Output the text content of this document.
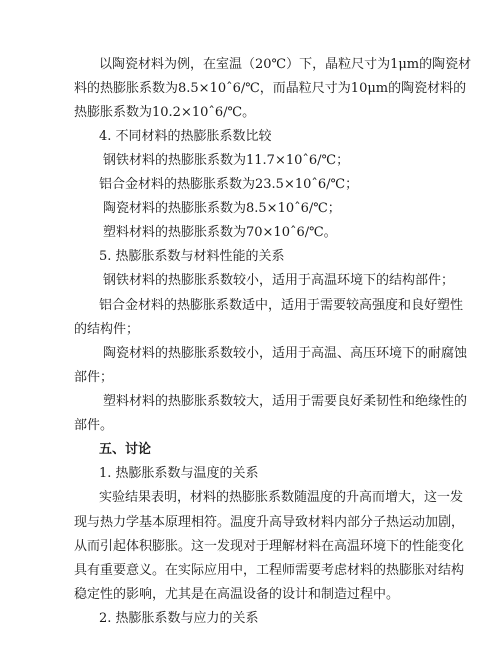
以陶瓷材料为例，在室温（20℃）下，晶粒尺寸为1μm的陶瓷材
料的热膨胀系数为8.5×10ˆ6/℃，而晶粒尺寸为10μm的陶瓷材料的
热膨胀系数为10.2×10ˆ6/℃。
4. 不同材料的热膨胀系数比较
钢铁材料的热膨胀系数为11.7×10ˆ6/℃；
铝合金材料的热膨胀系数为23.5×10ˆ6/℃；
陶瓷材料的热膨胀系数为8.5×10ˆ6/℃；
塑料材料的热膨胀系数为70×10ˆ6/℃。
5. 热膨胀系数与材料性能的关系
钢铁材料的热膨胀系数较小，适用于高温环境下的结构部件；
铝合金材料的热膨胀系数适中，适用于需要较高强度和良好塑性
的结构件；
陶瓷材料的热膨胀系数较小，适用于高温、高压环境下的耐腐蚀
部件；
塑料材料的热膨胀系数较大，适用于需要良好柔韧性和绝缘性的
部件。
五、讨论
1. 热膨胀系数与温度的关系
实验结果表明，材料的热膨胀系数随温度的升高而增大，这一发
现与热力学基本原理相符。温度升高导致材料内部分子热运动加剧，
从而引起体积膨胀。这一发现对于理解材料在高温环境下的性能变化
具有重要意义。在实际应用中，工程师需要考虑材料的热膨胀对结构
稳定性的影响，尤其是在高温设备的设计和制造过程中。
2. 热膨胀系数与应力的关系
